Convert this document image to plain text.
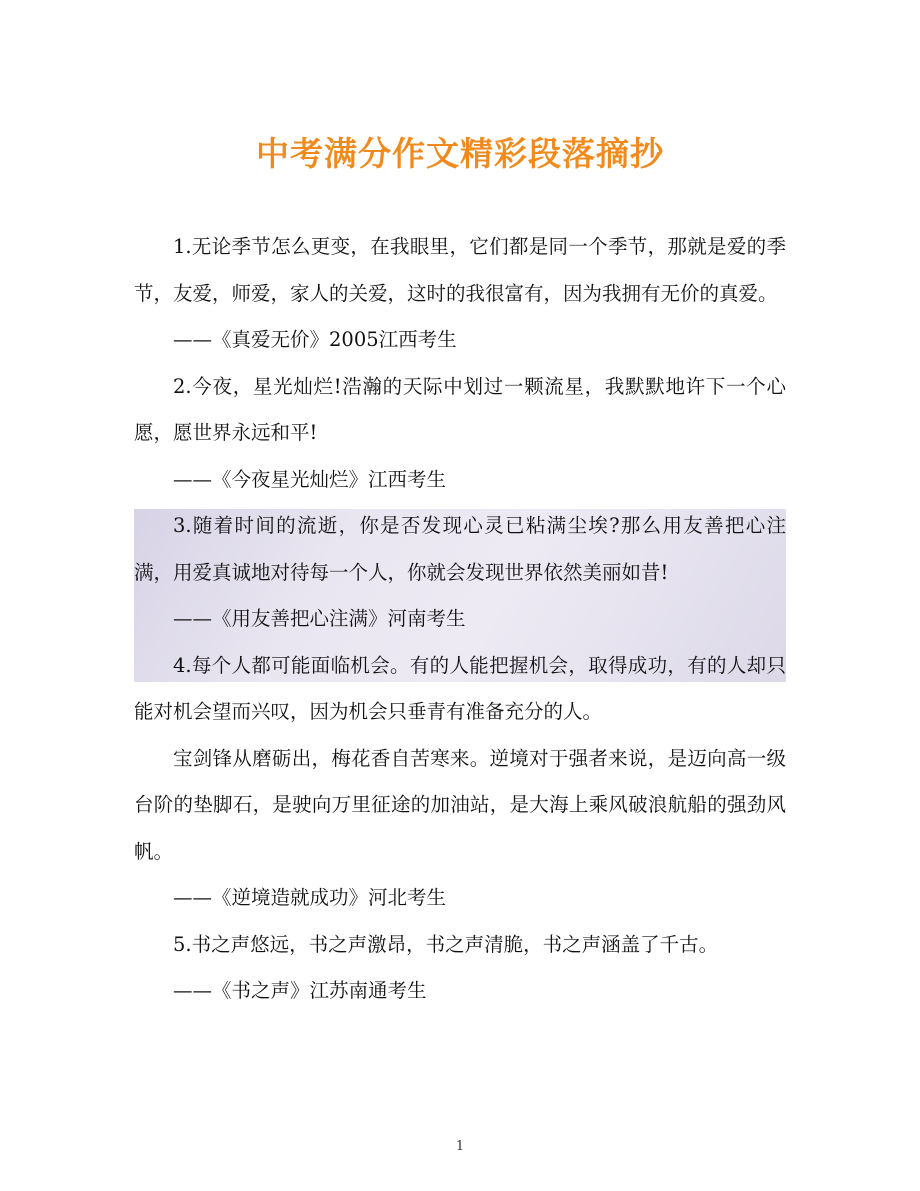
中考满分作文精彩段落摘抄

1.无论季节怎么更变，在我眼里，它们都是同一个季节，那就是爱的季节，友爱，师爱，家人的关爱，这时的我很富有，因为我拥有无价的真爱。

——《真爱无价》2005江西考生

2.今夜，星光灿烂!浩瀚的天际中划过一颗流星，我默默地许下一个心愿，愿世界永远和平!

——《今夜星光灿烂》江西考生

3.随着时间的流逝，你是否发现心灵已粘满尘埃?那么用友善把心注满，用爱真诚地对待每一个人，你就会发现世界依然美丽如昔!

——《用友善把心注满》河南考生

4.每个人都可能面临机会。有的人能把握机会，取得成功，有的人却只能对机会望而兴叹，因为机会只垂青有准备充分的人。

宝剑锋从磨砺出，梅花香自苦寒来。逆境对于强者来说，是迈向高一级台阶的垫脚石，是驶向万里征途的加油站，是大海上乘风破浪航船的强劲风帆。

——《逆境造就成功》河北考生

5.书之声悠远，书之声激昂，书之声清脆，书之声涵盖了千古。

——《书之声》江苏南通考生

1
